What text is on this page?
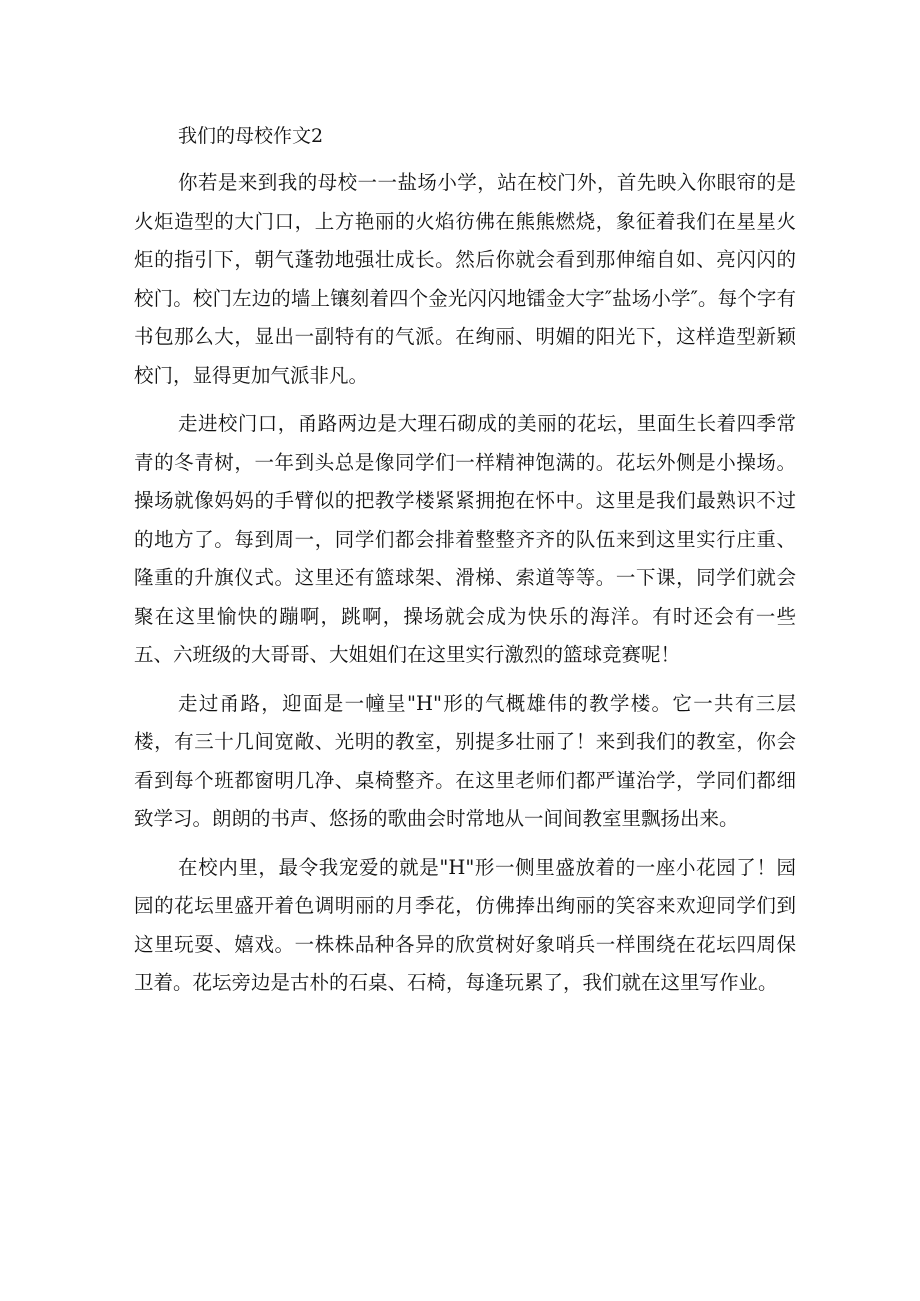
我们的母校作文2

你若是来到我的母校一一盐场小学，站在校门外，首先映入你眼帘的是火炬造型的大门口，上方艳丽的火焰彷佛在熊熊燃烧，象征着我们在星星火炬的指引下，朝气蓬勃地强壮成长。然后你就会看到那伸缩自如、亮闪闪的校门。校门左边的墙上镶刻着四个金光闪闪地镭金大字″盐场小学″。每个字有书包那么大，显出一副特有的气派。在绚丽、明媚的阳光下，这样造型新颖校门，显得更加气派非凡。

走进校门口，甬路两边是大理石砌成的美丽的花坛，里面生长着四季常青的冬青树，一年到头总是像同学们一样精神饱满的。花坛外侧是小操场。操场就像妈妈的手臂似的把教学楼紧紧拥抱在怀中。这里是我们最熟识不过的地方了。每到周一，同学们都会排着整整齐齐的队伍来到这里实行庄重、隆重的升旗仪式。这里还有篮球架、滑梯、索道等等。一下课，同学们就会聚在这里愉快的蹦啊，跳啊，操场就会成为快乐的海洋。有时还会有一些五、六班级的大哥哥、大姐姐们在这里实行激烈的篮球竞赛呢！

走过甬路，迎面是一幢呈"H"形的气概雄伟的教学楼。它一共有三层楼，有三十几间宽敞、光明的教室，别提多壮丽了！来到我们的教室，你会看到每个班都窗明几净、桌椅整齐。在这里老师们都严谨治学，学同们都细致学习。朗朗的书声、悠扬的歌曲会时常地从一间间教室里飘扬出来。

在校内里，最令我宠爱的就是"H"形一侧里盛放着的一座小花园了！园园的花坛里盛开着色调明丽的月季花，仿佛捧出绚丽的笑容来欢迎同学们到这里玩耍、嬉戏。一株株品种各异的欣赏树好象哨兵一样围绕在花坛四周保卫着。花坛旁边是古朴的石桌、石椅，每逢玩累了，我们就在这里写作业。
